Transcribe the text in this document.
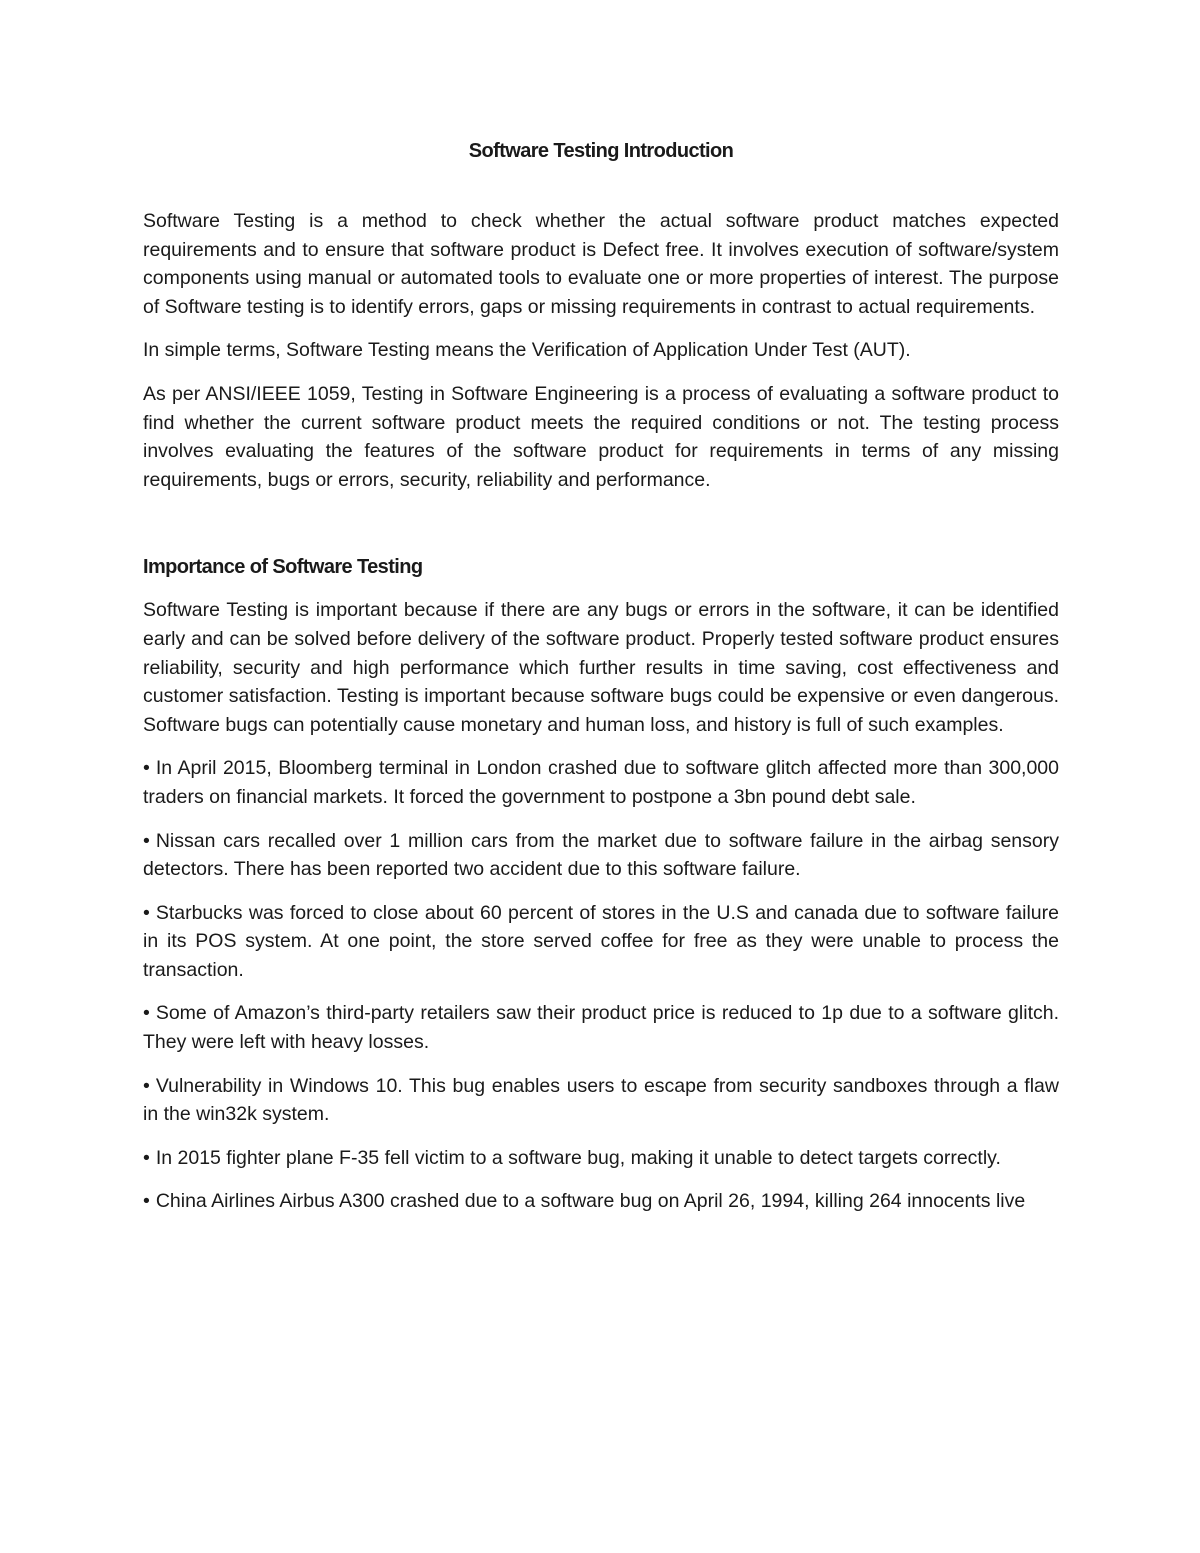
Software Testing Introduction

Software Testing is a method to check whether the actual software product matches expected requirements and to ensure that software product is Defect free. It involves execution of software/system components using manual or automated tools to evaluate one or more properties of interest. The purpose of Software testing is to identify errors, gaps or missing requirements in contrast to actual requirements.

In simple terms, Software Testing means the Verification of Application Under Test (AUT).

As per ANSI/IEEE 1059, Testing in Software Engineering is a process of evaluating a software product to find whether the current software product meets the required conditions or not. The testing process involves evaluating the features of the software product for requirements in terms of any missing requirements, bugs or errors, security, reliability and performance.

Importance of Software Testing

Software Testing is important because if there are any bugs or errors in the software, it can be identified early and can be solved before delivery of the software product. Properly tested software product ensures reliability, security and high performance which further results in time saving, cost effectiveness and customer satisfaction. Testing is important because software bugs could be expensive or even dangerous. Software bugs can potentially cause monetary and human loss, and history is full of such examples.

• In April 2015, Bloomberg terminal in London crashed due to software glitch affected more than 300,000 traders on financial markets. It forced the government to postpone a 3bn pound debt sale.

• Nissan cars recalled over 1 million cars from the market due to software failure in the airbag sensory detectors. There has been reported two accident due to this software failure.

• Starbucks was forced to close about 60 percent of stores in the U.S and canada due to software failure in its POS system. At one point, the store served coffee for free as they were unable to process the transaction.

• Some of Amazon’s third-party retailers saw their product price is reduced to 1p due to a software glitch. They were left with heavy losses.

• Vulnerability in Windows 10. This bug enables users to escape from security sandboxes through a flaw in the win32k system.

• In 2015 fighter plane F-35 fell victim to a software bug, making it unable to detect targets correctly.

• China Airlines Airbus A300 crashed due to a software bug on April 26, 1994, killing 264 innocents live
